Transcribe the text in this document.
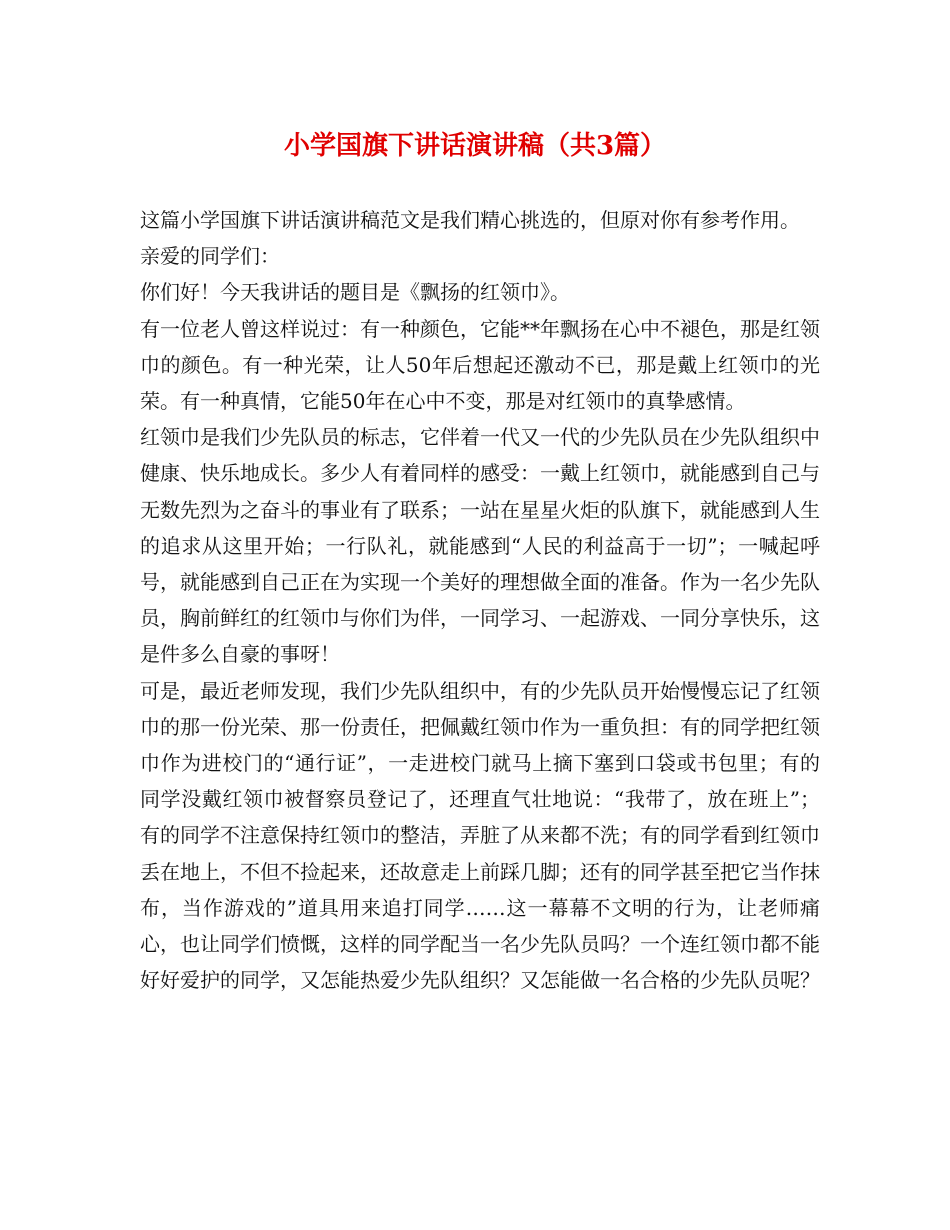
小学国旗下讲话演讲稿（共3篇）

这篇小学国旗下讲话演讲稿范文是我们精心挑选的，但原对你有参考作用。

亲爱的同学们：

你们好！今天我讲话的题目是《飘扬的红领巾》。

有一位老人曾这样说过：有一种颜色，它能**年飘扬在心中不褪色，那是红领巾的颜色。有一种光荣，让人50年后想起还激动不已，那是戴上红领巾的光荣。有一种真情，它能50年在心中不变，那是对红领巾的真挚感情。

红领巾是我们少先队员的标志，它伴着一代又一代的少先队员在少先队组织中健康、快乐地成长。多少人有着同样的感受：一戴上红领巾，就能感到自己与无数先烈为之奋斗的事业有了联系；一站在星星火炬的队旗下，就能感到人生的追求从这里开始；一行队礼，就能感到“人民的利益高于一切”；一喊起呼号，就能感到自己正在为实现一个美好的理想做全面的准备。作为一名少先队员，胸前鲜红的红领巾与你们为伴，一同学习、一起游戏、一同分享快乐，这是件多么自豪的事呀！

可是，最近老师发现，我们少先队组织中，有的少先队员开始慢慢忘记了红领巾的那一份光荣、那一份责任，把佩戴红领巾作为一重负担：有的同学把红领巾作为进校门的“通行证”，一走进校门就马上摘下塞到口袋或书包里；有的同学没戴红领巾被督察员登记了，还理直气壮地说：“我带了，放在班上”；有的同学不注意保持红领巾的整洁，弄脏了从来都不洗；有的同学看到红领巾丢在地上，不但不捡起来，还故意走上前踩几脚；还有的同学甚至把它当作抹布，当作游戏的”道具用来追打同学……这一幕幕不文明的行为，让老师痛心，也让同学们愤慨，这样的同学配当一名少先队员吗？一个连红领巾都不能好好爱护的同学，又怎能热爱少先队组织？又怎能做一名合格的少先队员呢？
